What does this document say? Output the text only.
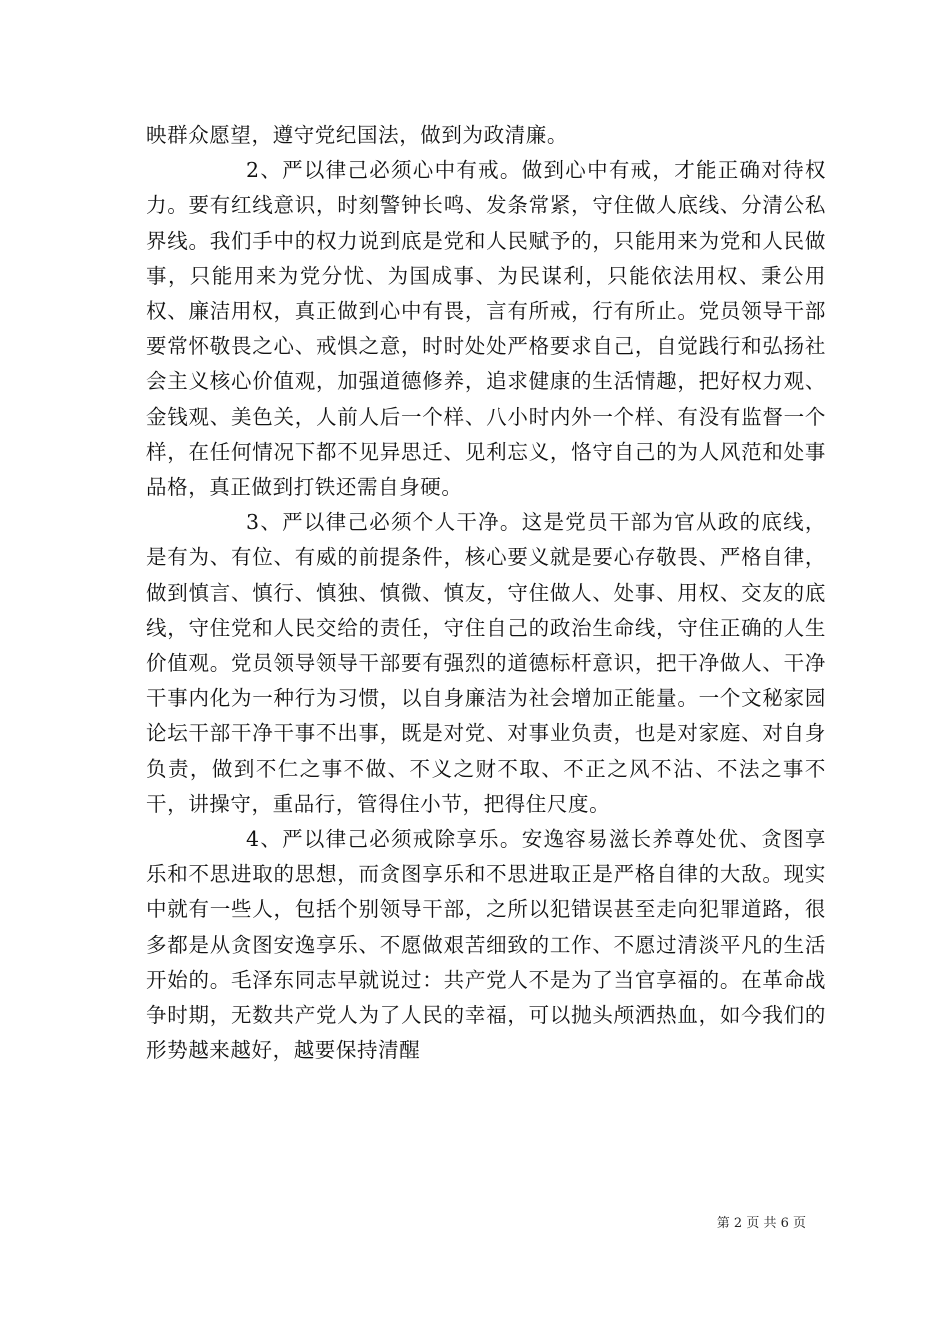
映群众愿望，遵守党纪国法，做到为政清廉。

2、严以律己必须心中有戒。做到心中有戒，才能正确对待权力。要有红线意识，时刻警钟长鸣、发条常紧，守住做人底线、分清公私界线。我们手中的权力说到底是党和人民赋予的，只能用来为党和人民做事，只能用来为党分忧、为国成事、为民谋利，只能依法用权、秉公用权、廉洁用权，真正做到心中有畏，言有所戒，行有所止。党员领导干部要常怀敬畏之心、戒惧之意，时时处处严格要求自己，自觉践行和弘扬社会主义核心价值观，加强道德修养，追求健康的生活情趣，把好权力观、金钱观、美色关，人前人后一个样、八小时内外一个样、有没有监督一个样，在任何情况下都不见异思迁、见利忘义，恪守自己的为人风范和处事品格，真正做到打铁还需自身硬。

3、严以律己必须个人干净。这是党员干部为官从政的底线，是有为、有位、有威的前提条件，核心要义就是要心存敬畏、严格自律，做到慎言、慎行、慎独、慎微、慎友，守住做人、处事、用权、交友的底线，守住党和人民交给的责任，守住自己的政治生命线，守住正确的人生价值观。党员领导领导干部要有强烈的道德标杆意识，把干净做人、干净干事内化为一种行为习惯，以自身廉洁为社会增加正能量。一个文秘家园论坛干部干净干事不出事，既是对党、对事业负责，也是对家庭、对自身负责，做到不仁之事不做、不义之财不取、不正之风不沾、不法之事不干，讲操守，重品行，管得住小节，把得住尺度。

4、严以律己必须戒除享乐。安逸容易滋长养尊处优、贪图享乐和不思进取的思想，而贪图享乐和不思进取正是严格自律的大敌。现实中就有一些人，包括个别领导干部，之所以犯错误甚至走向犯罪道路，很多都是从贪图安逸享乐、不愿做艰苦细致的工作、不愿过清淡平凡的生活开始的。毛泽东同志早就说过：共产党人不是为了当官享福的。在革命战争时期，无数共产党人为了人民的幸福，可以抛头颅洒热血，如今我们的形势越来越好，越要保持清醒

第 2 页 共 6 页
